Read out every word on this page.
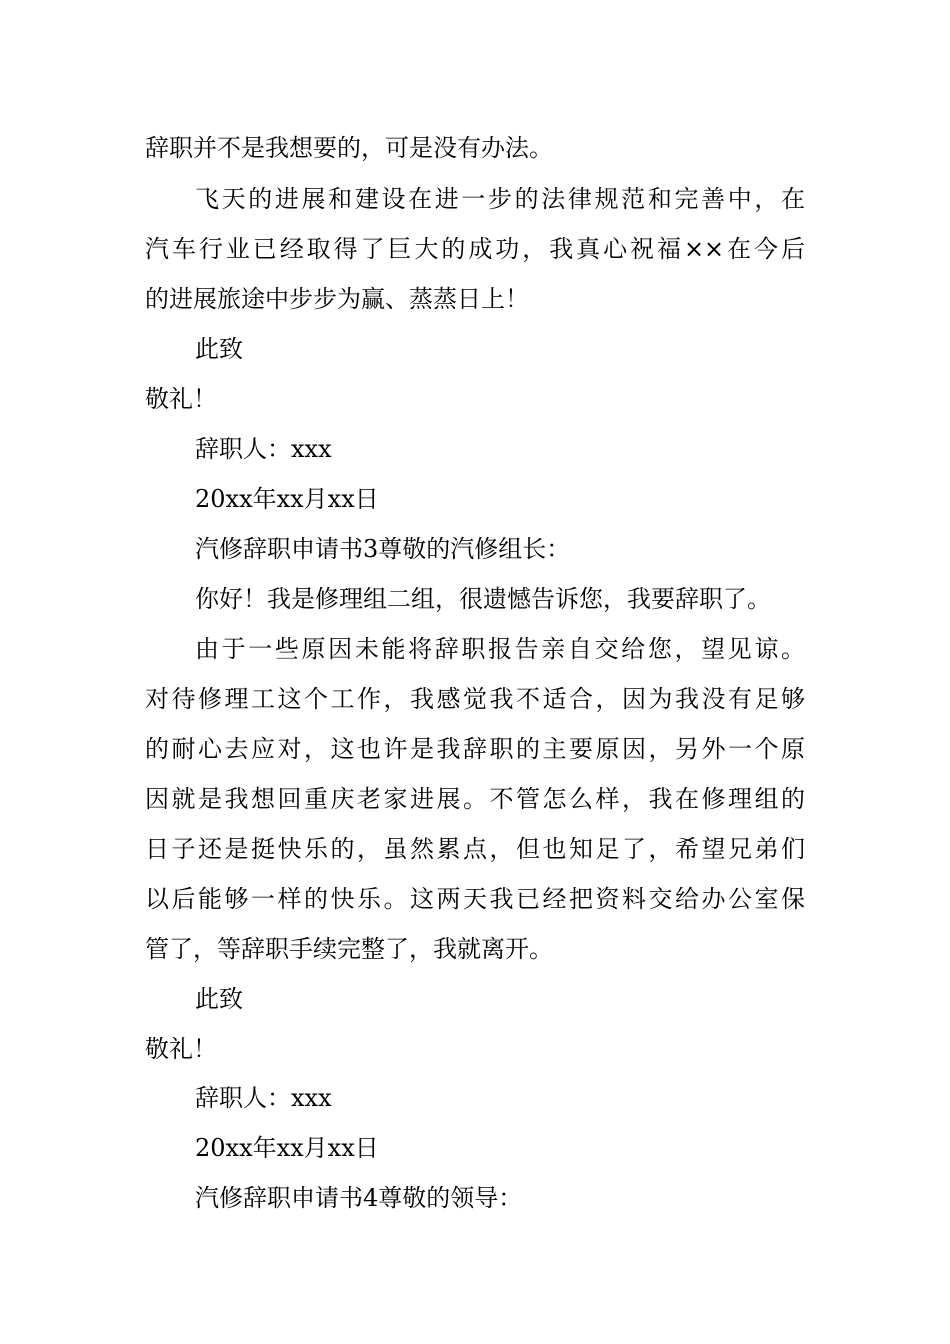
辞职并不是我想要的，可是没有办法。
飞天的进展和建设在进一步的法律规范和完善中，在
汽车行业已经取得了巨大的成功，我真心祝福××在今后
的进展旅途中步步为赢、蒸蒸日上！
此致
敬礼！
辞职人：xxx
20xx年xx月xx日
汽修辞职申请书3尊敬的汽修组长：
你好！我是修理组二组，很遗憾告诉您，我要辞职了。
由于一些原因未能将辞职报告亲自交给您，望见谅。
对待修理工这个工作，我感觉我不适合，因为我没有足够
的耐心去应对，这也许是我辞职的主要原因，另外一个原
因就是我想回重庆老家进展。不管怎么样，我在修理组的
日子还是挺快乐的，虽然累点，但也知足了，希望兄弟们
以后能够一样的快乐。这两天我已经把资料交给办公室保
管了，等辞职手续完整了，我就离开。
此致
敬礼！
辞职人：xxx
20xx年xx月xx日
汽修辞职申请书4尊敬的领导：
